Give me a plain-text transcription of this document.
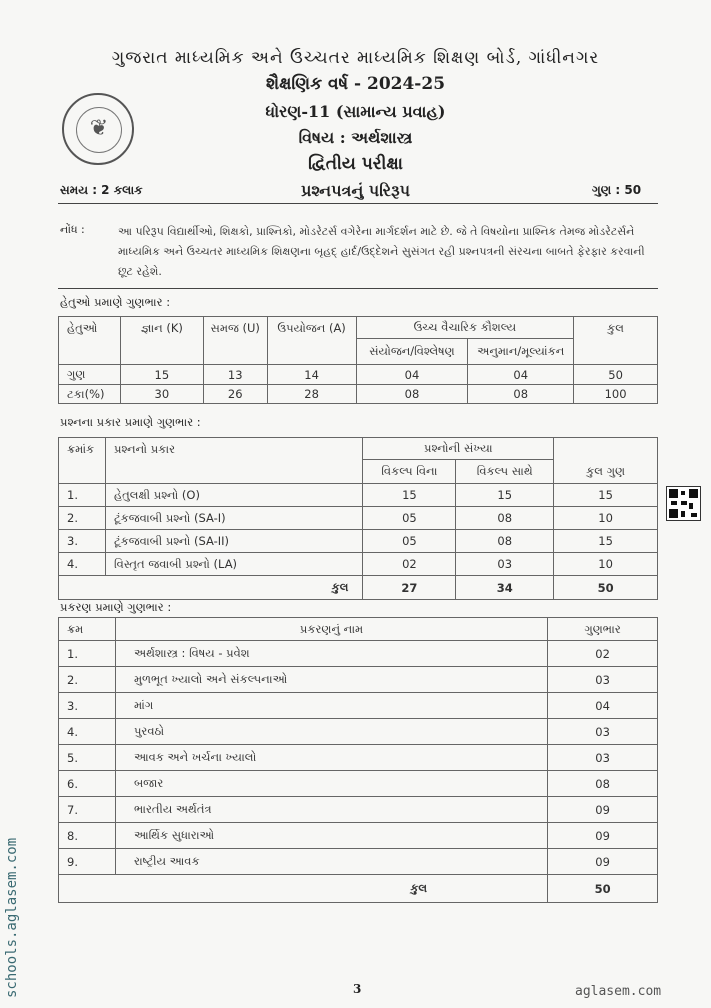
ગુજરાત માધ્યમિક અને ઉચ્ચતર માધ્યમિક શિક્ષણ બોર્ડ, ગાંધીનગર
શૈક્ષણિક વર્ષ - 2024-25
ધોરણ-11 (સામાન્ય પ્રવાહ)
વિષય : અર્થશાસ્ત્ર
દ્વિતીય પરીક્ષા
પ્રશ્નપત્રનું પરિરૂપ
❦
સમય : 2 કલાક	ગુણ : 50
નોંધ :	આ પરિરૂપ વિદ્યાર્થીઓ, શિક્ષકો, પ્રાશ્નિકો, મોડરેટર્સ વગેરેના માર્ગદર્શન માટે છે. જે તે વિષયોના પ્રાશ્નિક તેમજ મોડરેટર્સને માધ્યમિક અને ઉચ્ચતર માધ્યમિક શિક્ષણના બૃહદ્ હાર્દ/ઉદ્દેશને સુસંગત રહી પ્રશ્નપત્રની સંરચના બાબતે ફેરફાર કરવાની છૂટ રહેશે.
હેતુઓ પ્રમાણે ગુણભાર :
હેતુઓ	જ્ઞાન (K)	સમજ (U)	ઉપયોજન (A)	ઉચ્ચ વૈચારિક કૌશલ્ય		કુલ
				સંયોજન/વિશ્લેષણ	અનુમાન/મૂલ્યાંકન	
ગુણ	15	13	14	04	04	50
ટકા(%)	30	26	28	08	08	100
પ્રશ્નના પ્રકાર પ્રમાણે ગુણભાર :
ક્રમાંક	પ્રશ્નનો પ્રકાર	પ્રશ્નોની સંખ્યા		કુલ ગુણ
		વિકલ્પ વિના	વિકલ્પ સાથે	
1.	હેતુલક્ષી પ્રશ્નો (O)	15	15	15
2.	ટૂંકજવાબી પ્રશ્નો (SA-I)	05	08	10
3.	ટૂંકજવાબી પ્રશ્નો (SA-II)	05	08	15
4.	વિસ્તૃત જવાબી પ્રશ્નો (LA)	02	03	10
કુલ		27	34	50
પ્રકરણ પ્રમાણે ગુણભાર :
ક્રમ	પ્રકરણનું નામ	ગુણભાર
1.	અર્થશાસ્ત્ર : વિષય - પ્રવેશ	02
2.	મુળભૂત ખ્યાલો અને સંકલ્પનાઓ	03
3.	માંગ	04
4.	પુરવઠો	03
5.	આવક અને ખર્ચના ખ્યાલો	03
6.	બજાર	08
7.	ભારતીય અર્થતંત્ર	09
8.	આર્થિક સુધારાઓ	09
9.	રાષ્ટ્રીય આવક	09
કુલ		50
3
schools.aglasem.com	aglasem.com
